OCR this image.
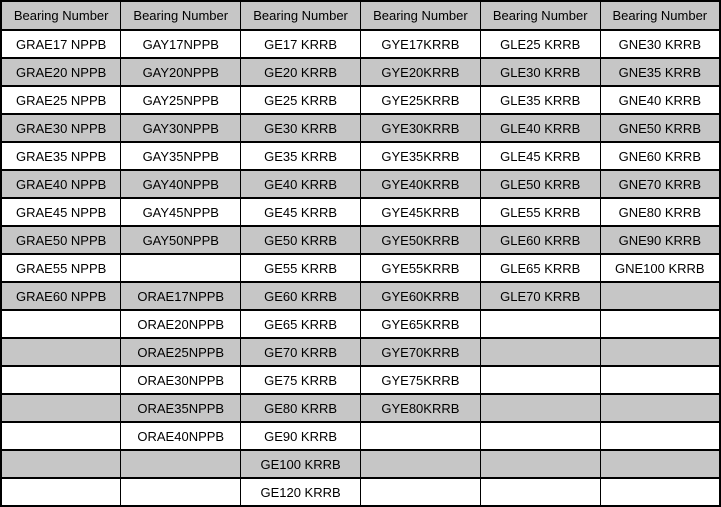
Bearing Number	Bearing Number	Bearing Number	Bearing Number	Bearing Number	Bearing Number
GRAE17 NPPB	GAY17NPPB	GE17 KRRB	GYE17KRRB	GLE25 KRRB	GNE30 KRRB
GRAE20 NPPB	GAY20NPPB	GE20 KRRB	GYE20KRRB	GLE30 KRRB	GNE35 KRRB
GRAE25 NPPB	GAY25NPPB	GE25 KRRB	GYE25KRRB	GLE35 KRRB	GNE40 KRRB
GRAE30 NPPB	GAY30NPPB	GE30 KRRB	GYE30KRRB	GLE40 KRRB	GNE50 KRRB
GRAE35 NPPB	GAY35NPPB	GE35 KRRB	GYE35KRRB	GLE45 KRRB	GNE60 KRRB
GRAE40 NPPB	GAY40NPPB	GE40 KRRB	GYE40KRRB	GLE50 KRRB	GNE70 KRRB
GRAE45 NPPB	GAY45NPPB	GE45 KRRB	GYE45KRRB	GLE55 KRRB	GNE80 KRRB
GRAE50 NPPB	GAY50NPPB	GE50 KRRB	GYE50KRRB	GLE60 KRRB	GNE90 KRRB
GRAE55 NPPB		GE55 KRRB	GYE55KRRB	GLE65 KRRB	GNE100 KRRB
GRAE60 NPPB	ORAE17NPPB	GE60 KRRB	GYE60KRRB	GLE70 KRRB	
	ORAE20NPPB	GE65 KRRB	GYE65KRRB		
	ORAE25NPPB	GE70 KRRB	GYE70KRRB		
	ORAE30NPPB	GE75 KRRB	GYE75KRRB		
	ORAE35NPPB	GE80 KRRB	GYE80KRRB		
	ORAE40NPPB	GE90 KRRB			
		GE100 KRRB			
		GE120 KRRB			
